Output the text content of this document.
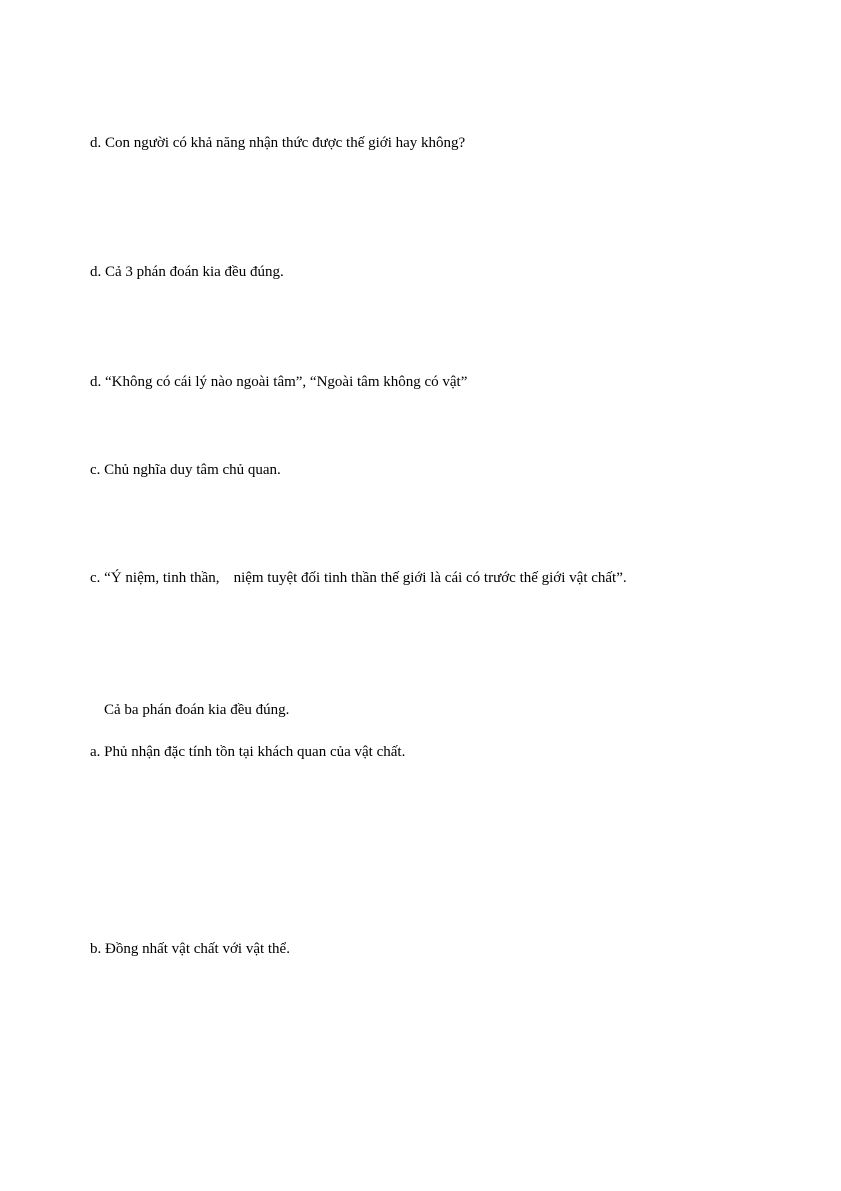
d. Con người có khả năng nhận thức được thế giới hay không?
d. Cả 3 phán đoán kia đều đúng.
d. “Không có cái lý nào ngoài tâm”, “Ngoài tâm không có vật”
c. Chủ nghĩa duy tâm chủ quan.
c. “Ý niệm, tinh thần, niệm tuyệt đối tinh thần thế giới là cái có trước thế giới vật chất”.
Cả ba phán đoán kia đều đúng.
a. Phủ nhận đặc tính tồn tại khách quan của vật chất.
b. Đồng nhất vật chất với vật thể.
